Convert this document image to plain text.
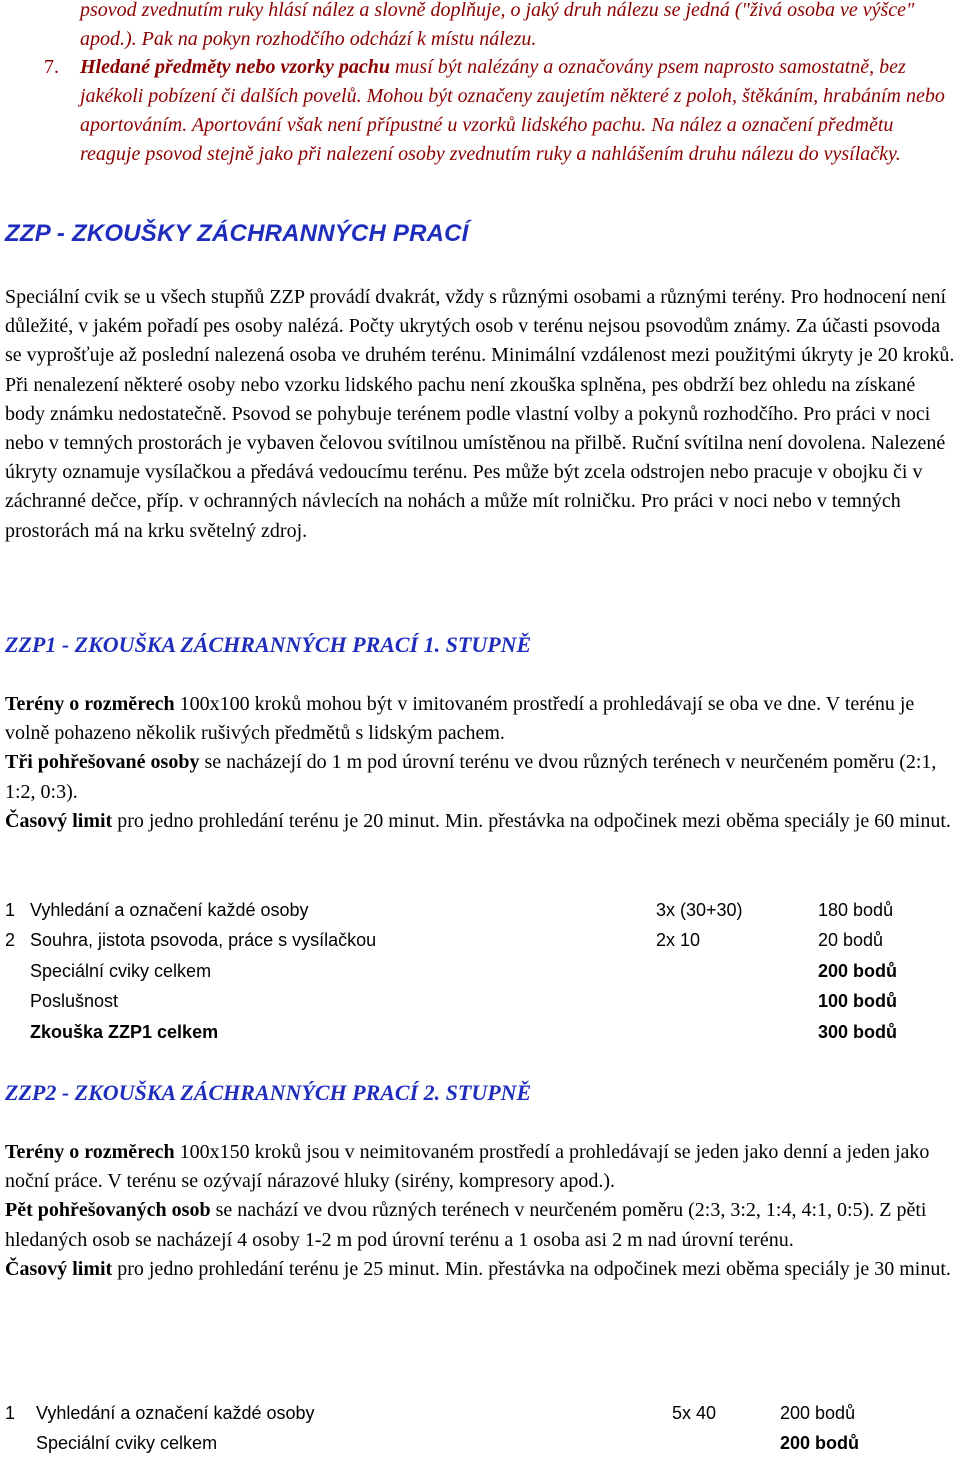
psovod zvednutím ruky hlásí nález a slovně doplňuje, o jaký druh nálezu se jedná ("živá osoba ve výšce" apod.). Pak na pokyn rozhodčího odchází k místu nálezu.

7. Hledané předměty nebo vzorky pachu musí být nalézány a označovány psem naprosto samostatně, bez jakékoli pobízení či dalších povelů. Mohou být označeny zaujetím některé z poloh, štěkáním, hrabáním nebo aportováním. Aportování však není přípustné u vzorků lidského pachu. Na nález a označení předmětu reaguje psovod stejně jako při nalezení osoby zvednutím ruky a nahlášením druhu nálezu do vysílačky.

ZZP - ZKOUŠKY ZÁCHRANNÝCH PRACÍ

Speciální cvik se u všech stupňů ZZP provádí dvakrát, vždy s různými osobami a různými terény. Pro hodnocení není důležité, v jakém pořadí pes osoby nalézá. Počty ukrytých osob v terénu nejsou psovodům známy. Za účasti psovoda se vyprošťuje až poslední nalezená osoba ve druhém terénu. Minimální vzdálenost mezi použitými úkryty je 20 kroků. Při nenalezení některé osoby nebo vzorku lidského pachu není zkouška splněna, pes obdrží bez ohledu na získané body známku nedostatečně. Psovod se pohybuje terénem podle vlastní volby a pokynů rozhodčího. Pro práci v noci nebo v temných prostorách je vybaven čelovou svítilnou umístěnou na přilbě. Ruční svítilna není dovolena. Nalezené úkryty oznamuje vysílačkou a předává vedoucímu terénu. Pes může být zcela odstrojen nebo pracuje v obojku či v záchranné dečce, příp. v ochranných návlecích na nohách a může mít rolničku. Pro práci v noci nebo v temných prostorách má na krku světelný zdroj.

ZZP1 - ZKOUŠKA ZÁCHRANNÝCH PRACÍ 1. STUPNĚ
Terény o rozměrech 100x100 kroků mohou být v imitovaném prostředí a prohledávají se oba ve dne. V terénu je volně pohazeno několik rušivých předmětů s lidským pachem.
Tři pohřešované osoby se nacházejí do 1 m pod úrovní terénu ve dvou různých terénech v neurčeném poměru (2:1, 1:2, 0:3).
Časový limit pro jedno prohledání terénu je 20 minut. Min. přestávka na odpočinek mezi oběma speciály je 60 minut.
1	Vyhledání a označení každé osoby	3x (30+30)	180 bodů
2	Souhra, jistota psovoda, práce s vysílačkou	2x 10	20 bodů
	Speciální cviky celkem		200 bodů
	Poslušnost		100 bodů
	Zkouška ZZP1 celkem		300 bodů
ZZP2 - ZKOUŠKA ZÁCHRANNÝCH PRACÍ 2. STUPNĚ
Terény o rozměrech 100x150 kroků jsou v neimitovaném prostředí a prohledávají se jeden jako denní a jeden jako noční práce. V terénu se ozývají nárazové hluky (sirény, kompresory apod.).
Pět pohřešovaných osob se nachází ve dvou různých terénech v neurčeném poměru (2:3, 3:2, 1:4, 4:1, 0:5). Z pěti hledaných osob se nacházejí 4 osoby 1-2 m pod úrovní terénu a 1 osoba asi 2 m nad úrovní terénu.
Časový limit pro jedno prohledání terénu je 25 minut. Min. přestávka na odpočinek mezi oběma speciály je 30 minut.
1	Vyhledání a označení každé osoby	5x 40	200 bodů
	Speciální cviky celkem		200 bodů
